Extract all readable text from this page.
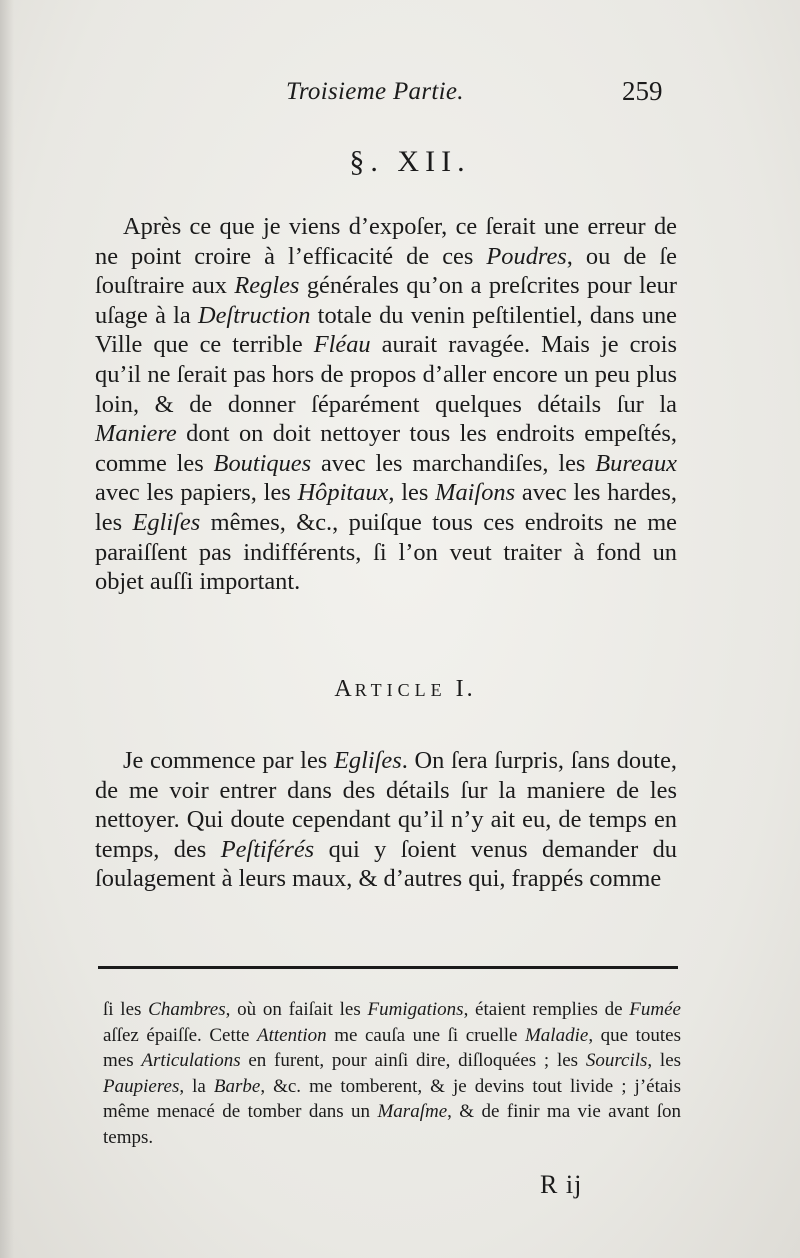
Troisieme Partie.	259
§. XII.

Après ce que je viens d’expoſer, ce ſerait une erreur de ne point croire à l’efficacité de ces Poudres, ou de ſe ſouſtraire aux Regles générales qu’on a preſcrites pour leur uſage à la Deſtruction totale du venin peſtilentiel, dans une Ville que ce terrible Fléau aurait ravagée. Mais je crois qu’il ne ſerait pas hors de propos d’aller encore un peu plus loin, & de donner ſéparément quelques détails ſur la Maniere dont on doit nettoyer tous les endroits empeſtés, comme les Boutiques avec les marchandiſes, les Bureaux avec les papiers, les Hôpitaux, les Maiſons avec les hardes, les Egliſes mêmes, &c., puiſque tous ces endroits ne me paraiſſent pas indifférents, ſi l’on veut traiter à fond un objet auſſi important.

ARTICLE I.

Je commence par les Egliſes. On ſera ſurpris, ſans doute, de me voir entrer dans des détails ſur la maniere de les nettoyer. Qui doute cependant qu’il n’y ait eu, de temps en temps, des Peſtiférés qui y ſoient venus demander du ſoulagement à leurs maux, & d’autres qui, frappés comme

ſi les Chambres, où on faiſait les Fumigations, étaient remplies de Fumée aſſez épaiſſe. Cette Attention me cauſa une ſi cruelle Maladie, que toutes mes Articulations en furent, pour ainſi dire, diſloquées ; les Sourcils, les Paupieres, la Barbe, &c. me tomberent, & je devins tout livide ; j’étais même menacé de tomber dans un Maraſme, & de finir ma vie avant ſon temps.

R ij
